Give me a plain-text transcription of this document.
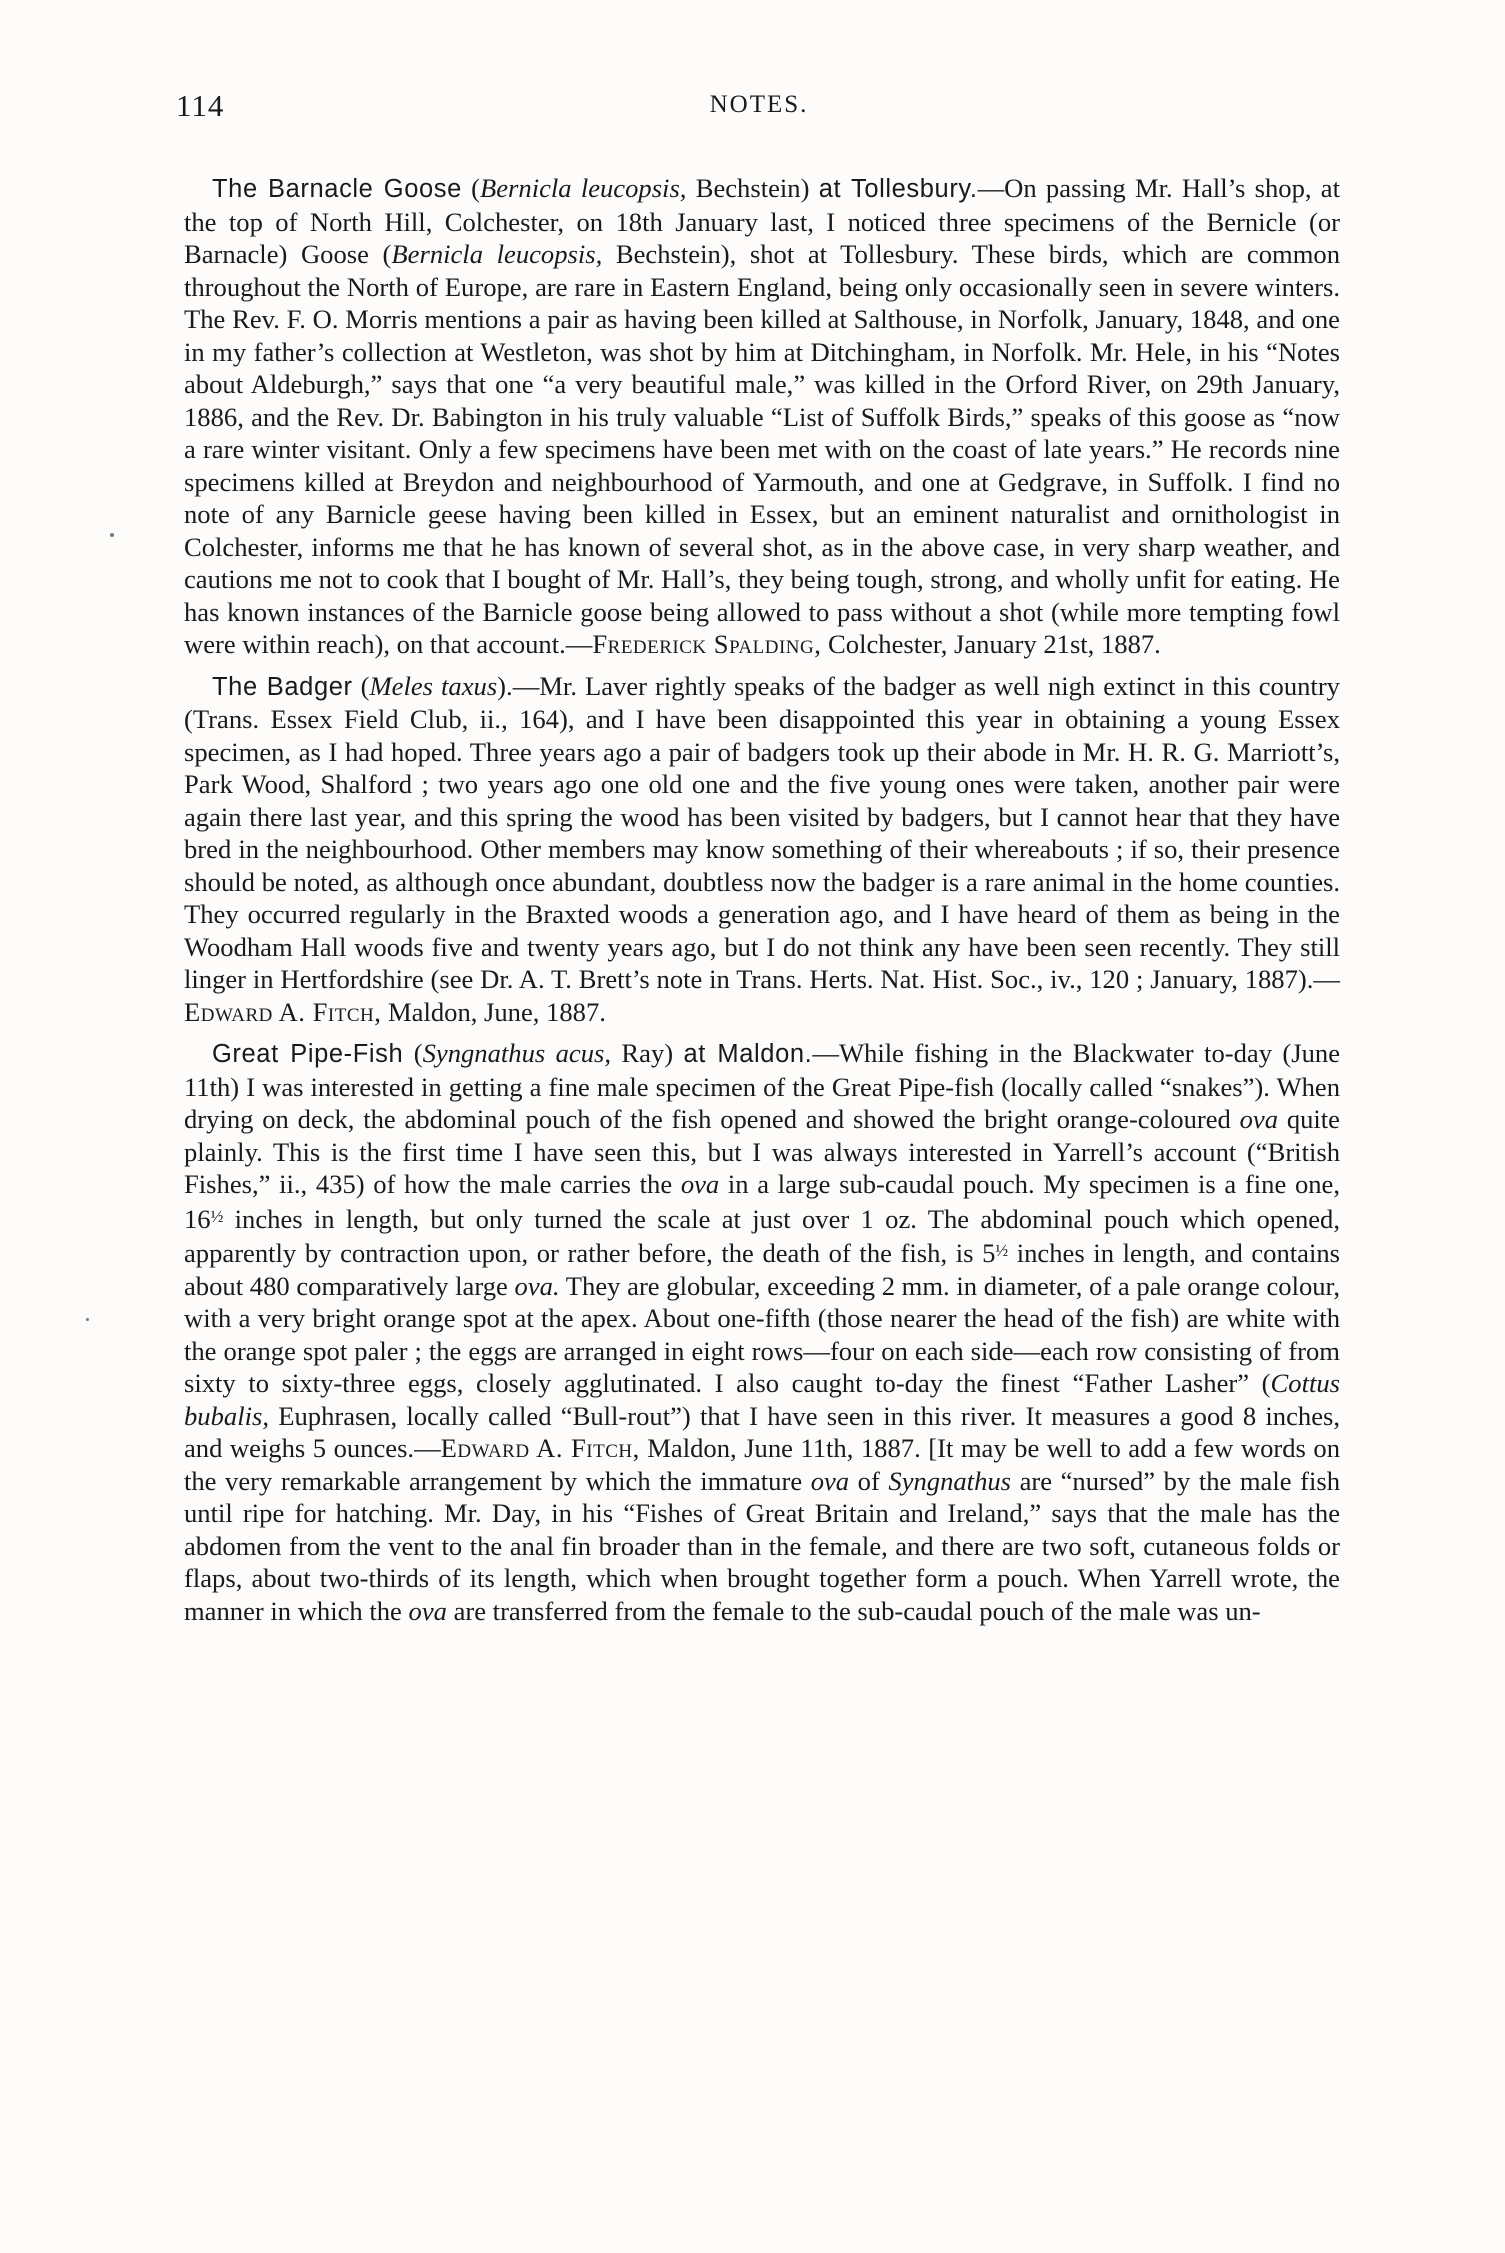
114	NOTES.

The Barnacle Goose (Bernicla leucopsis, Bechstein) at Tollesbury.—On passing Mr. Hall’s shop, at the top of North Hill, Colchester, on 18th January last, I noticed three specimens of the Bernicle (or Barnacle) Goose (Bernicla leucopsis, Bechstein), shot at Tollesbury. These birds, which are common throughout the North of Europe, are rare in Eastern England, being only occasionally seen in severe winters. The Rev. F. O. Morris mentions a pair as having been killed at Salthouse, in Norfolk, January, 1848, and one in my father’s collection at Westleton, was shot by him at Ditchingham, in Norfolk. Mr. Hele, in his “Notes about Aldeburgh,” says that one “a very beautiful male,” was killed in the Orford River, on 29th January, 1886, and the Rev. Dr. Babington in his truly valuable “List of Suffolk Birds,” speaks of this goose as “now a rare winter visitant. Only a few specimens have been met with on the coast of late years.” He records nine specimens killed at Breydon and neighbourhood of Yarmouth, and one at Gedgrave, in Suffolk. I find no note of any Barnicle geese having been killed in Essex, but an eminent naturalist and ornithologist in Colchester, informs me that he has known of several shot, as in the above case, in very sharp weather, and cautions me not to cook that I bought of Mr. Hall’s, they being tough, strong, and wholly unfit for eating. He has known instances of the Barnicle goose being allowed to pass without a shot (while more tempting fowl were within reach), on that account.—Frederick Spalding, Colchester, January 21st, 1887.

The Badger (Meles taxus).—Mr. Laver rightly speaks of the badger as well nigh extinct in this country (Trans. Essex Field Club, ii., 164), and I have been disappointed this year in obtaining a young Essex specimen, as I had hoped. Three years ago a pair of badgers took up their abode in Mr. H. R. G. Marriott’s, Park Wood, Shalford ; two years ago one old one and the five young ones were taken, another pair were again there last year, and this spring the wood has been visited by badgers, but I cannot hear that they have bred in the neighbourhood. Other members may know something of their whereabouts ; if so, their presence should be noted, as although once abundant, doubtless now the badger is a rare animal in the home counties. They occurred regularly in the Braxted woods a generation ago, and I have heard of them as being in the Woodham Hall woods five and twenty years ago, but I do not think any have been seen recently. They still linger in Hertfordshire (see Dr. A. T. Brett’s note in Trans. Herts. Nat. Hist. Soc., iv., 120 ; January, 1887).—Edward A. Fitch, Maldon, June, 1887.

Great Pipe-Fish (Syngnathus acus, Ray) at Maldon.—While fishing in the Blackwater to-day (June 11th) I was interested in getting a fine male specimen of the Great Pipe-fish (locally called “snakes”). When drying on deck, the abdominal pouch of the fish opened and showed the bright orange-coloured ova quite plainly. This is the first time I have seen this, but I was always interested in Yarrell’s account (“British Fishes,” ii., 435) of how the male carries the ova in a large sub-caudal pouch. My specimen is a fine one, $16^{\frac{1}{2}}$ inches in length, but only turned the scale at just over 1 oz. The abdominal pouch which opened, apparently by contraction upon, or rather before, the death of the fish, is $5^{\frac{1}{2}}$ inches in length, and contains about 480 comparatively large ova. They are globular, exceeding 2 mm. in diameter, of a pale orange colour, with a very bright orange spot at the apex. About one-fifth (those nearer the head of the fish) are white with the orange spot paler ; the eggs are arranged in eight rows—four on each side—each row consisting of from sixty to sixty-three eggs, closely agglutinated. I also caught to-day the finest “Father Lasher” (Cottus bubalis, Euphrasen, locally called “Bull-rout”) that I have seen in this river. It measures a good 8 inches, and weighs 5 ounces.—Edward A. Fitch, Maldon, June 11th, 1887. [It may be well to add a few words on the very remarkable arrangement by which the immature ova of Syngnathus are “nursed” by the male fish until ripe for hatching. Mr. Day, in his “Fishes of Great Britain and Ireland,” says that the male has the abdomen from the vent to the anal fin broader than in the female, and there are two soft, cutaneous folds or flaps, about two-thirds of its length, which when brought together form a pouch. When Yarrell wrote, the manner in which the ova are transferred from the female to the sub-caudal pouch of the male was un-
